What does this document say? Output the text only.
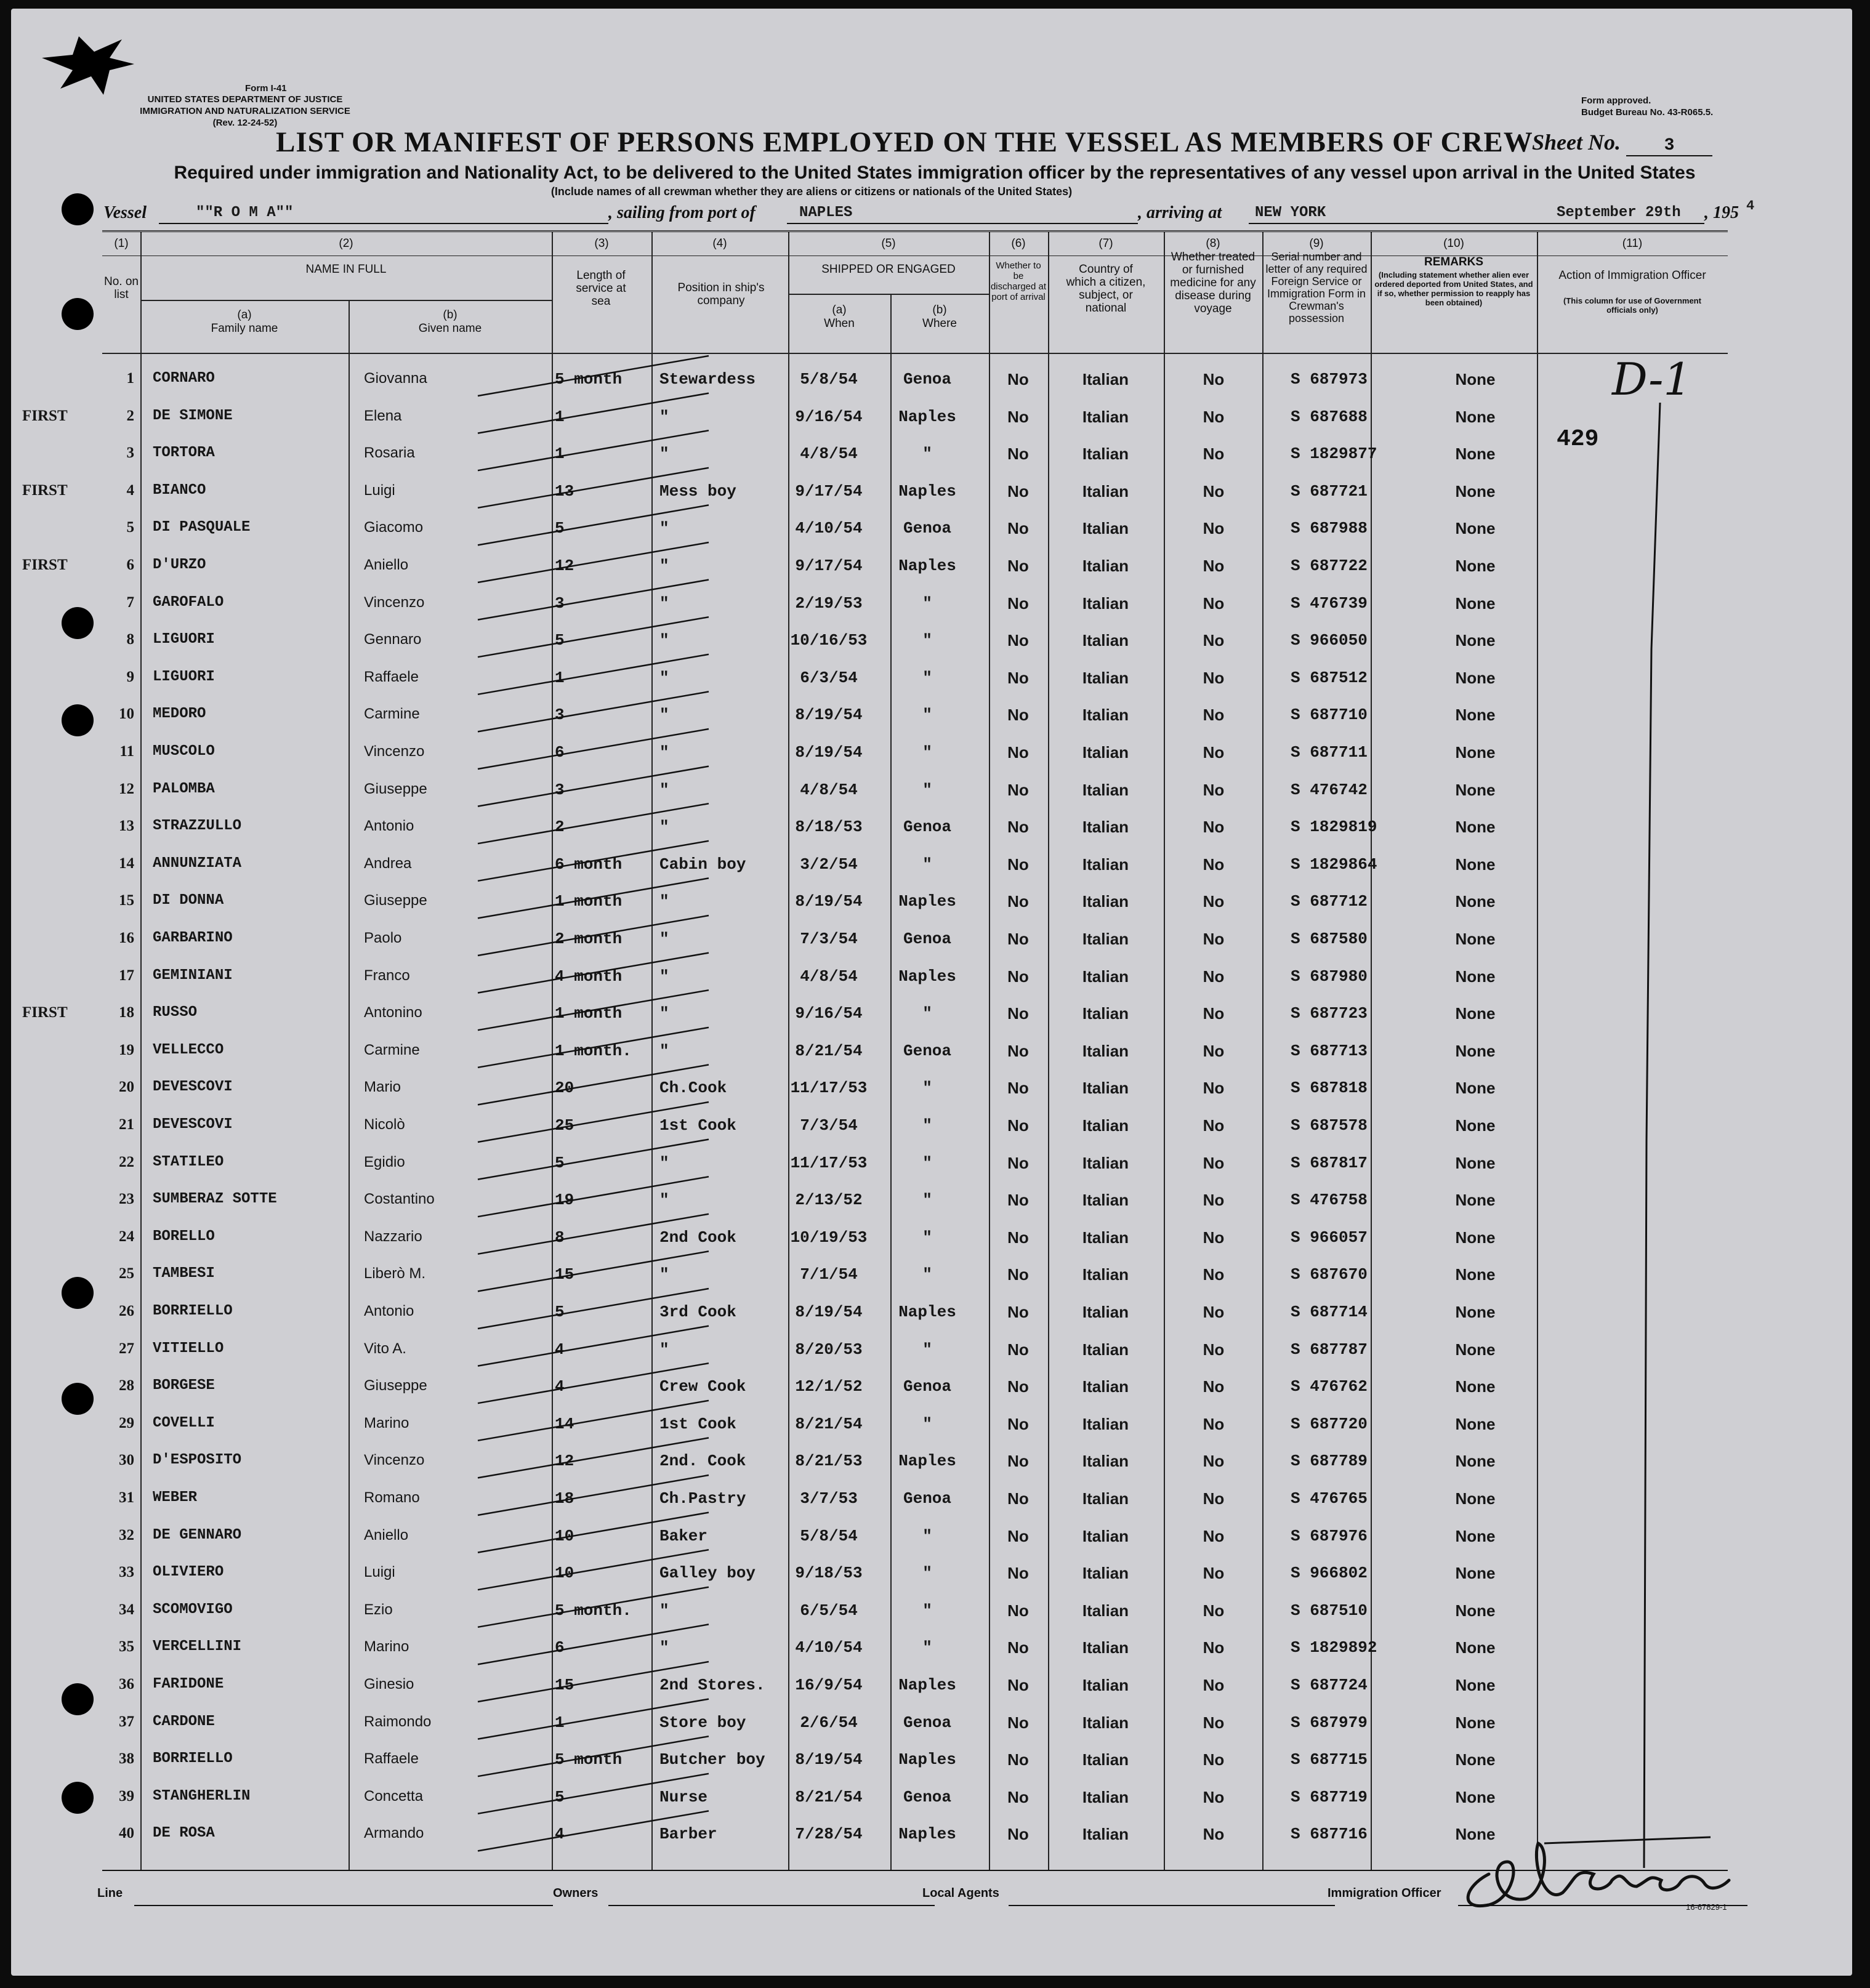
Form I-41
UNITED STATES DEPARTMENT OF JUSTICE
IMMIGRATION AND NATURALIZATION SERVICE
(Rev. 12-24-52)
Form approved.
Budget Bureau No. 43-R065.5.
LIST OR MANIFEST OF PERSONS EMPLOYED ON THE VESSEL AS MEMBERS OF CREW
Sheet No.	3
Required under immigration and Nationality Act, to be delivered to the United States immigration officer by the representatives of any vessel upon arrival in the United States
(Include names of all crewman whether they are aliens or citizens or nationals of the United States)
Vessel	""R O M A""	, sailing from port of	NAPLES	, arriving at NEW YORK	September 29th , 195 4
(1)
No. on list
(2)
NAME IN FULL
(a)
Family name
(b)
Given name
(3)
Length of service at sea
(4)
Position in ship's company
(5)
SHIPPED OR ENGAGED
(a)
When
(b)
Where
(6)
Whether to be discharged at port of arrival
(7)
Country of which a citizen, subject, or national
(8)
Whether treated or furnished medicine for any disease during voyage
(9)
Serial number and letter of any required Foreign Service or Immigration Form in Crewman's possession
(10)
REMARKS
(Including statement whether alien ever ordered deported from United States, and if so, whether permission to reapply has been obtained)
(11)
Action of Immigration Officer
(This column for use of Government officials only)
1 CORNARO	Giovanna	5 month	Stewardess	5/8/54	Genoa	No	Italian	No	S 687973	None
FIRST	2 DE SIMONE	Elena	1	"	9/16/54	Naples	No	Italian	No	S 687688	None
3 TORTORA	Rosaria	1	"	4/8/54	"	No	Italian	No	S 1829877	None
FIRST	4 BIANCO	Luigi	13	Mess boy	9/17/54	Naples	No	Italian	No	S 687721	None
5 DI PASQUALE	Giacomo	5	"	4/10/54	Genoa	No	Italian	No	S 687988	None
FIRST	6 D'URZO	Aniello	12	"	9/17/54	Naples	No	Italian	No	S 687722	None
7 GAROFALO	Vincenzo	3	"	2/19/53	"	No	Italian	No	S 476739	None
8 LIGUORI	Gennaro	5	"	10/16/53	"	No	Italian	No	S 966050	None
9 LIGUORI	Raffaele	1	"	6/3/54	"	No	Italian	No	S 687512	None
10 MEDORO	Carmine	3	"	8/19/54	"	No	Italian	No	S 687710	None
11 MUSCOLO	Vincenzo	6	"	8/19/54	"	No	Italian	No	S 687711	None
12 PALOMBA	Giuseppe	3	"	4/8/54	"	No	Italian	No	S 476742	None
13 STRAZZULLO	Antonio	2	"	8/18/53	Genoa	No	Italian	No	S 1829819	None
14 ANNUNZIATA	Andrea	6 month	Cabin boy	3/2/54	"	No	Italian	No	S 1829864	None
15 DI DONNA	Giuseppe	1 month	"	8/19/54	Naples	No	Italian	No	S 687712	None
16 GARBARINO	Paolo	2 month	"	7/3/54	Genoa	No	Italian	No	S 687580	None
17 GEMINIANI	Franco	4 month	"	4/8/54	Naples	No	Italian	No	S 687980	None
FIRST	18 RUSSO	Antonino	1 month	"	9/16/54	"	No	Italian	No	S 687723	None
19 VELLECCO	Carmine	1 month.	"	8/21/54	Genoa	No	Italian	No	S 687713	None
20 DEVESCOVI	Mario	20	Ch.Cook	11/17/53	"	No	Italian	No	S 687818	None
21 DEVESCOVI	Nicolò	25	1st Cook	7/3/54	"	No	Italian	No	S 687578	None
22 STATILEO	Egidio	5	"	11/17/53	"	No	Italian	No	S 687817	None
23 SUMBERAZ SOTTE	Costantino	19	"	2/13/52	"	No	Italian	No	S 476758	None
24 BORELLO	Nazzario	8	2nd Cook	10/19/53	"	No	Italian	No	S 966057	None
25 TAMBESI	Liberò M.	15	"	7/1/54	"	No	Italian	No	S 687670	None
26 BORRIELLO	Antonio	5	3rd Cook	8/19/54	Naples	No	Italian	No	S 687714	None
27 VITIELLO	Vito A.	4	"	8/20/53	"	No	Italian	No	S 687787	None
28 BORGESE	Giuseppe	4	Crew Cook	12/1/52	Genoa	No	Italian	No	S 476762	None
29 COVELLI	Marino	14	1st Cook	8/21/54	"	No	Italian	No	S 687720	None
30 D'ESPOSITO	Vincenzo	12	2nd. Cook	8/21/53	Naples	No	Italian	No	S 687789	None
31 WEBER	Romano	18	Ch.Pastry	3/7/53	Genoa	No	Italian	No	S 476765	None
32 DE GENNARO	Aniello	10	Baker	5/8/54	"	No	Italian	No	S 687976	None
33 OLIVIERO	Luigi	10	Galley boy	9/18/53	"	No	Italian	No	S 966802	None
34 SCOMOVIGO	Ezio	5 month.	"	6/5/54	"	No	Italian	No	S 687510	None
35 VERCELLINI	Marino	6	"	4/10/54	"	No	Italian	No	S 1829892	None
36 FARIDONE	Ginesio	15	2nd Stores.	16/9/54	Naples	No	Italian	No	S 687724	None
37 CARDONE	Raimondo	1	Store boy	2/6/54	Genoa	No	Italian	No	S 687979	None
38 BORRIELLO	Raffaele	5 month	Butcher boy	8/19/54	Naples	No	Italian	No	S 687715	None
39 STANGHERLIN	Concetta	5	Nurse	8/21/54	Genoa	No	Italian	No	S 687719	None
40 DE ROSA	Armando	4	Barber	7/28/54	Naples	No	Italian	No	S 687716	None
D-1
429
Line	Owners	Local Agents	Immigration Officer
16-67829-1
